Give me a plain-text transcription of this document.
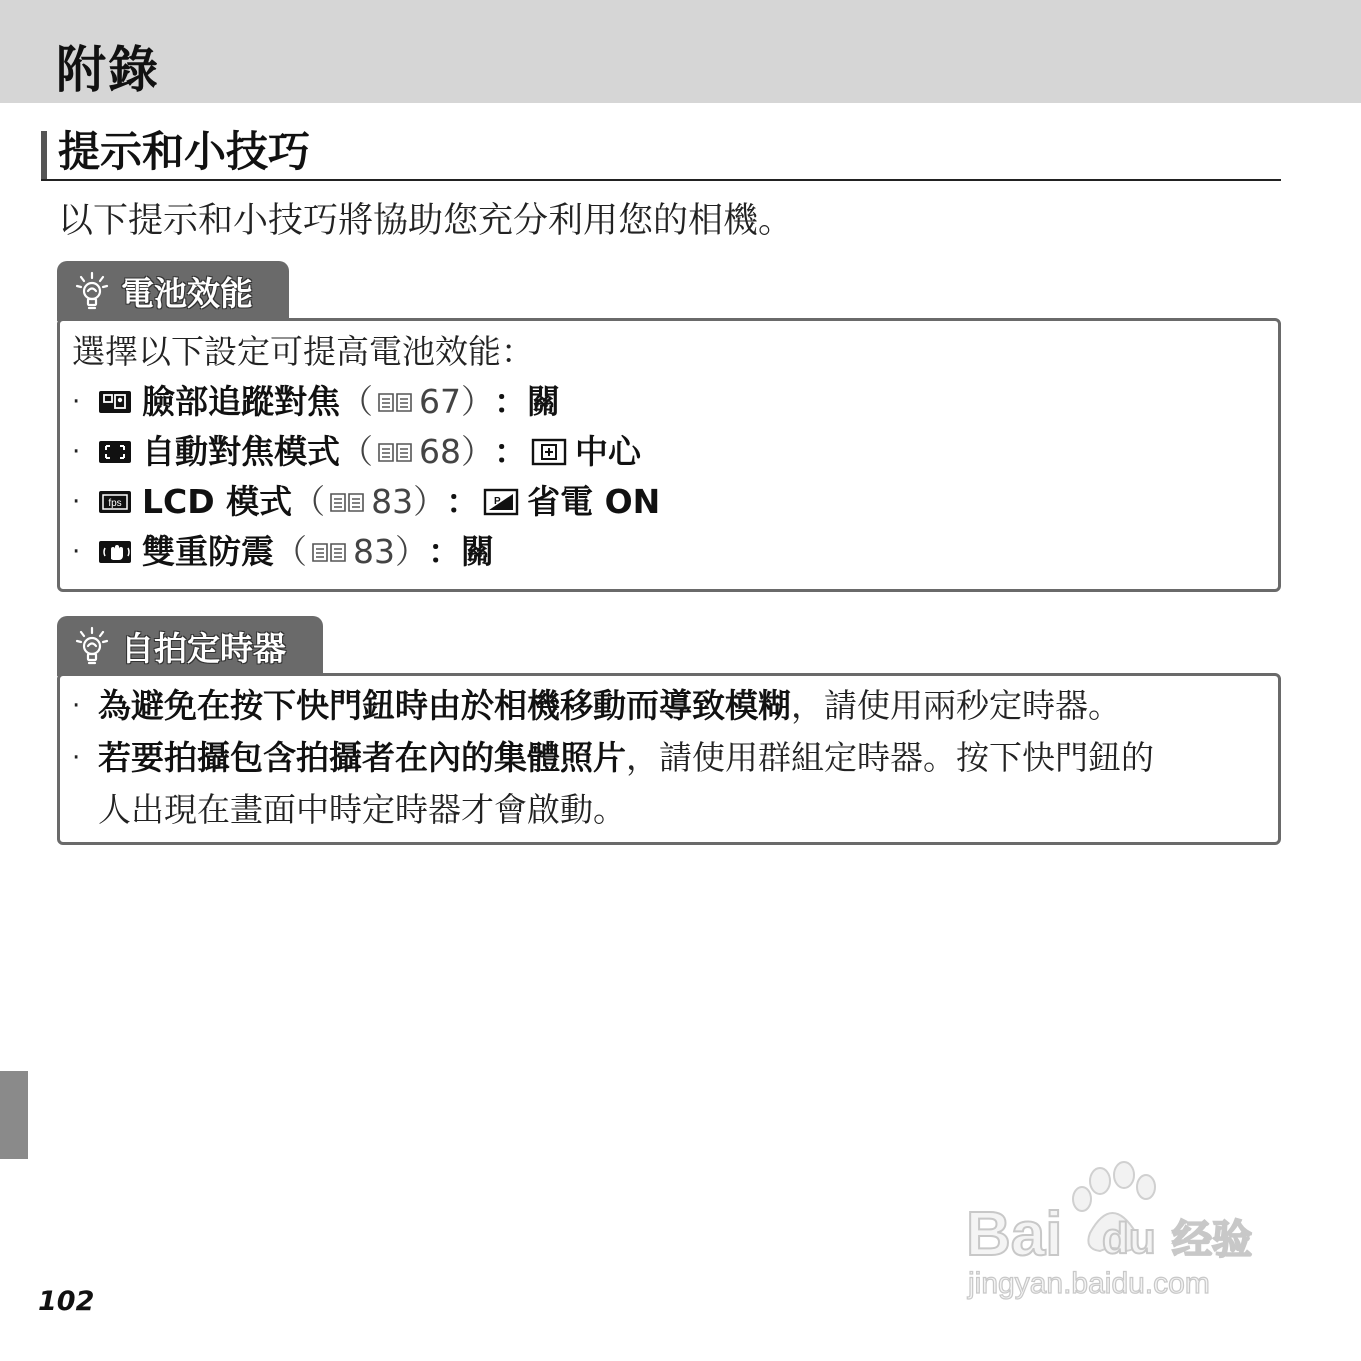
附錄
提示和小技巧
以下提示和小技巧將協助您充分利用您的相機。
電池效能
選擇以下設定可提高電池效能：
·	臉部追蹤對焦 （ 67 ） ： 關
·	自動對焦模式 （ 68 ） ： 中心
·	fps LCD 模式 （ 83 ） ： P 省電 ON
·	雙重防震 （ 83 ） ： 關
自拍定時器
· 為避免在按下快門鈕時由於相機移動而導致模糊，請使用兩秒定時器。
· 若要拍攝包含拍攝者在內的集體照片，請使用群組定時器。按下快門鈕的
人出現在畫面中時定時器才會啟動。
102
Bai du 经验
jingyan.baidu.com
